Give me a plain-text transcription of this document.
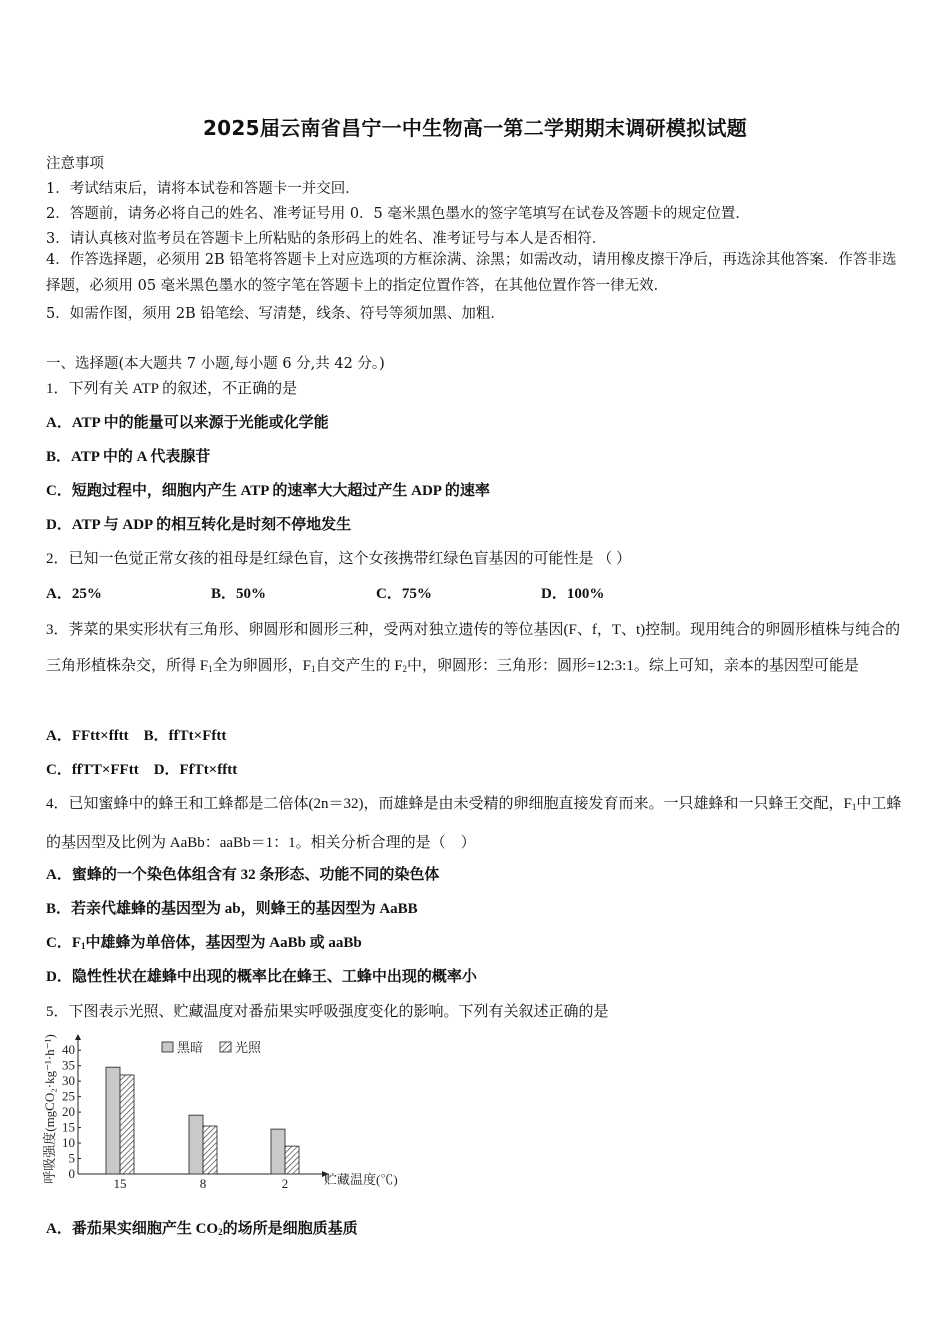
2025届云南省昌宁一中生物高一第二学期期末调研模拟试题
注意事项
1．考试结束后，请将本试卷和答题卡一并交回．
2．答题前，请务必将自己的姓名、准考证号用 0．5 毫米黑色墨水的签字笔填写在试卷及答题卡的规定位置．
3．请认真核对监考员在答题卡上所粘贴的条形码上的姓名、准考证号与本人是否相符．
4．作答选择题，必须用 2B 铅笔将答题卡上对应选项的方框涂满、涂黑；如需改动，请用橡皮擦干净后，再选涂其他答案．作答非选择题，必须用 05 毫米黑色墨水的签字笔在答题卡上的指定位置作答，在其他位置作答一律无效．
5．如需作图，须用 2B 铅笔绘、写清楚，线条、符号等须加黑、加粗．
一、选择题(本大题共 7 小题,每小题 6 分,共 42 分。)
1．下列有关 ATP 的叙述，不正确的是
A．ATP 中的能量可以来源于光能或化学能
B．ATP 中的 A 代表腺苷
C．短跑过程中，细胞内产生 ATP 的速率大大超过产生 ADP 的速率
D．ATP 与 ADP 的相互转化是时刻不停地发生
2．已知一色觉正常女孩的祖母是红绿色盲，这个女孩携带红绿色盲基因的可能性是 （ ）
A．25%	B．50%	C．75%	D．100%
3．荠菜的果实形状有三角形、卵圆形和圆形三种，受两对独立遗传的等位基因(F、f，T、t)控制。现用纯合的卵圆形植株与纯合的三角形植株杂交，所得 $F_1$全为卵圆形，$F_1$自交产生的 $F_2$中，卵圆形：三角形：圆形=12:3:1。综上可知，亲本的基因型可能是
A．FFtt×fftt　B．ffTt×Fftt
C．ffTT×FFtt　D．FfTt×fftt
4．已知蜜蜂中的蜂王和工蜂都是二倍体(2n＝32)，而雄蜂是由未受精的卵细胞直接发育而来。一只雄蜂和一只蜂王交配，$F_1$中工蜂的基因型及比例为 AaBb：aaBb＝1：1。相关分析合理的是（　）
A．蜜蜂的一个染色体组含有 32 条形态、功能不同的染色体
B．若亲代雄蜂的基因型为 ab，则蜂王的基因型为 AaBB
C．$F_1$中雄蜂为单倍体，基因型为 AaBb 或 aaBb
D．隐性性状在雄蜂中出现的概率比在蜂王、工蜂中出现的概率小
5．下图表示光照、贮藏温度对番茄果实呼吸强度变化的影响。下列有关叙述正确的是
呼吸强度(mgCO₂·kg⁻¹·h⁻¹)	贮藏温度(℃)
0
5
10
15
20
25
30
35
40
15	8	2
黑暗 光照
A．番茄果实细胞产生 $CO_2$的场所是细胞质基质
